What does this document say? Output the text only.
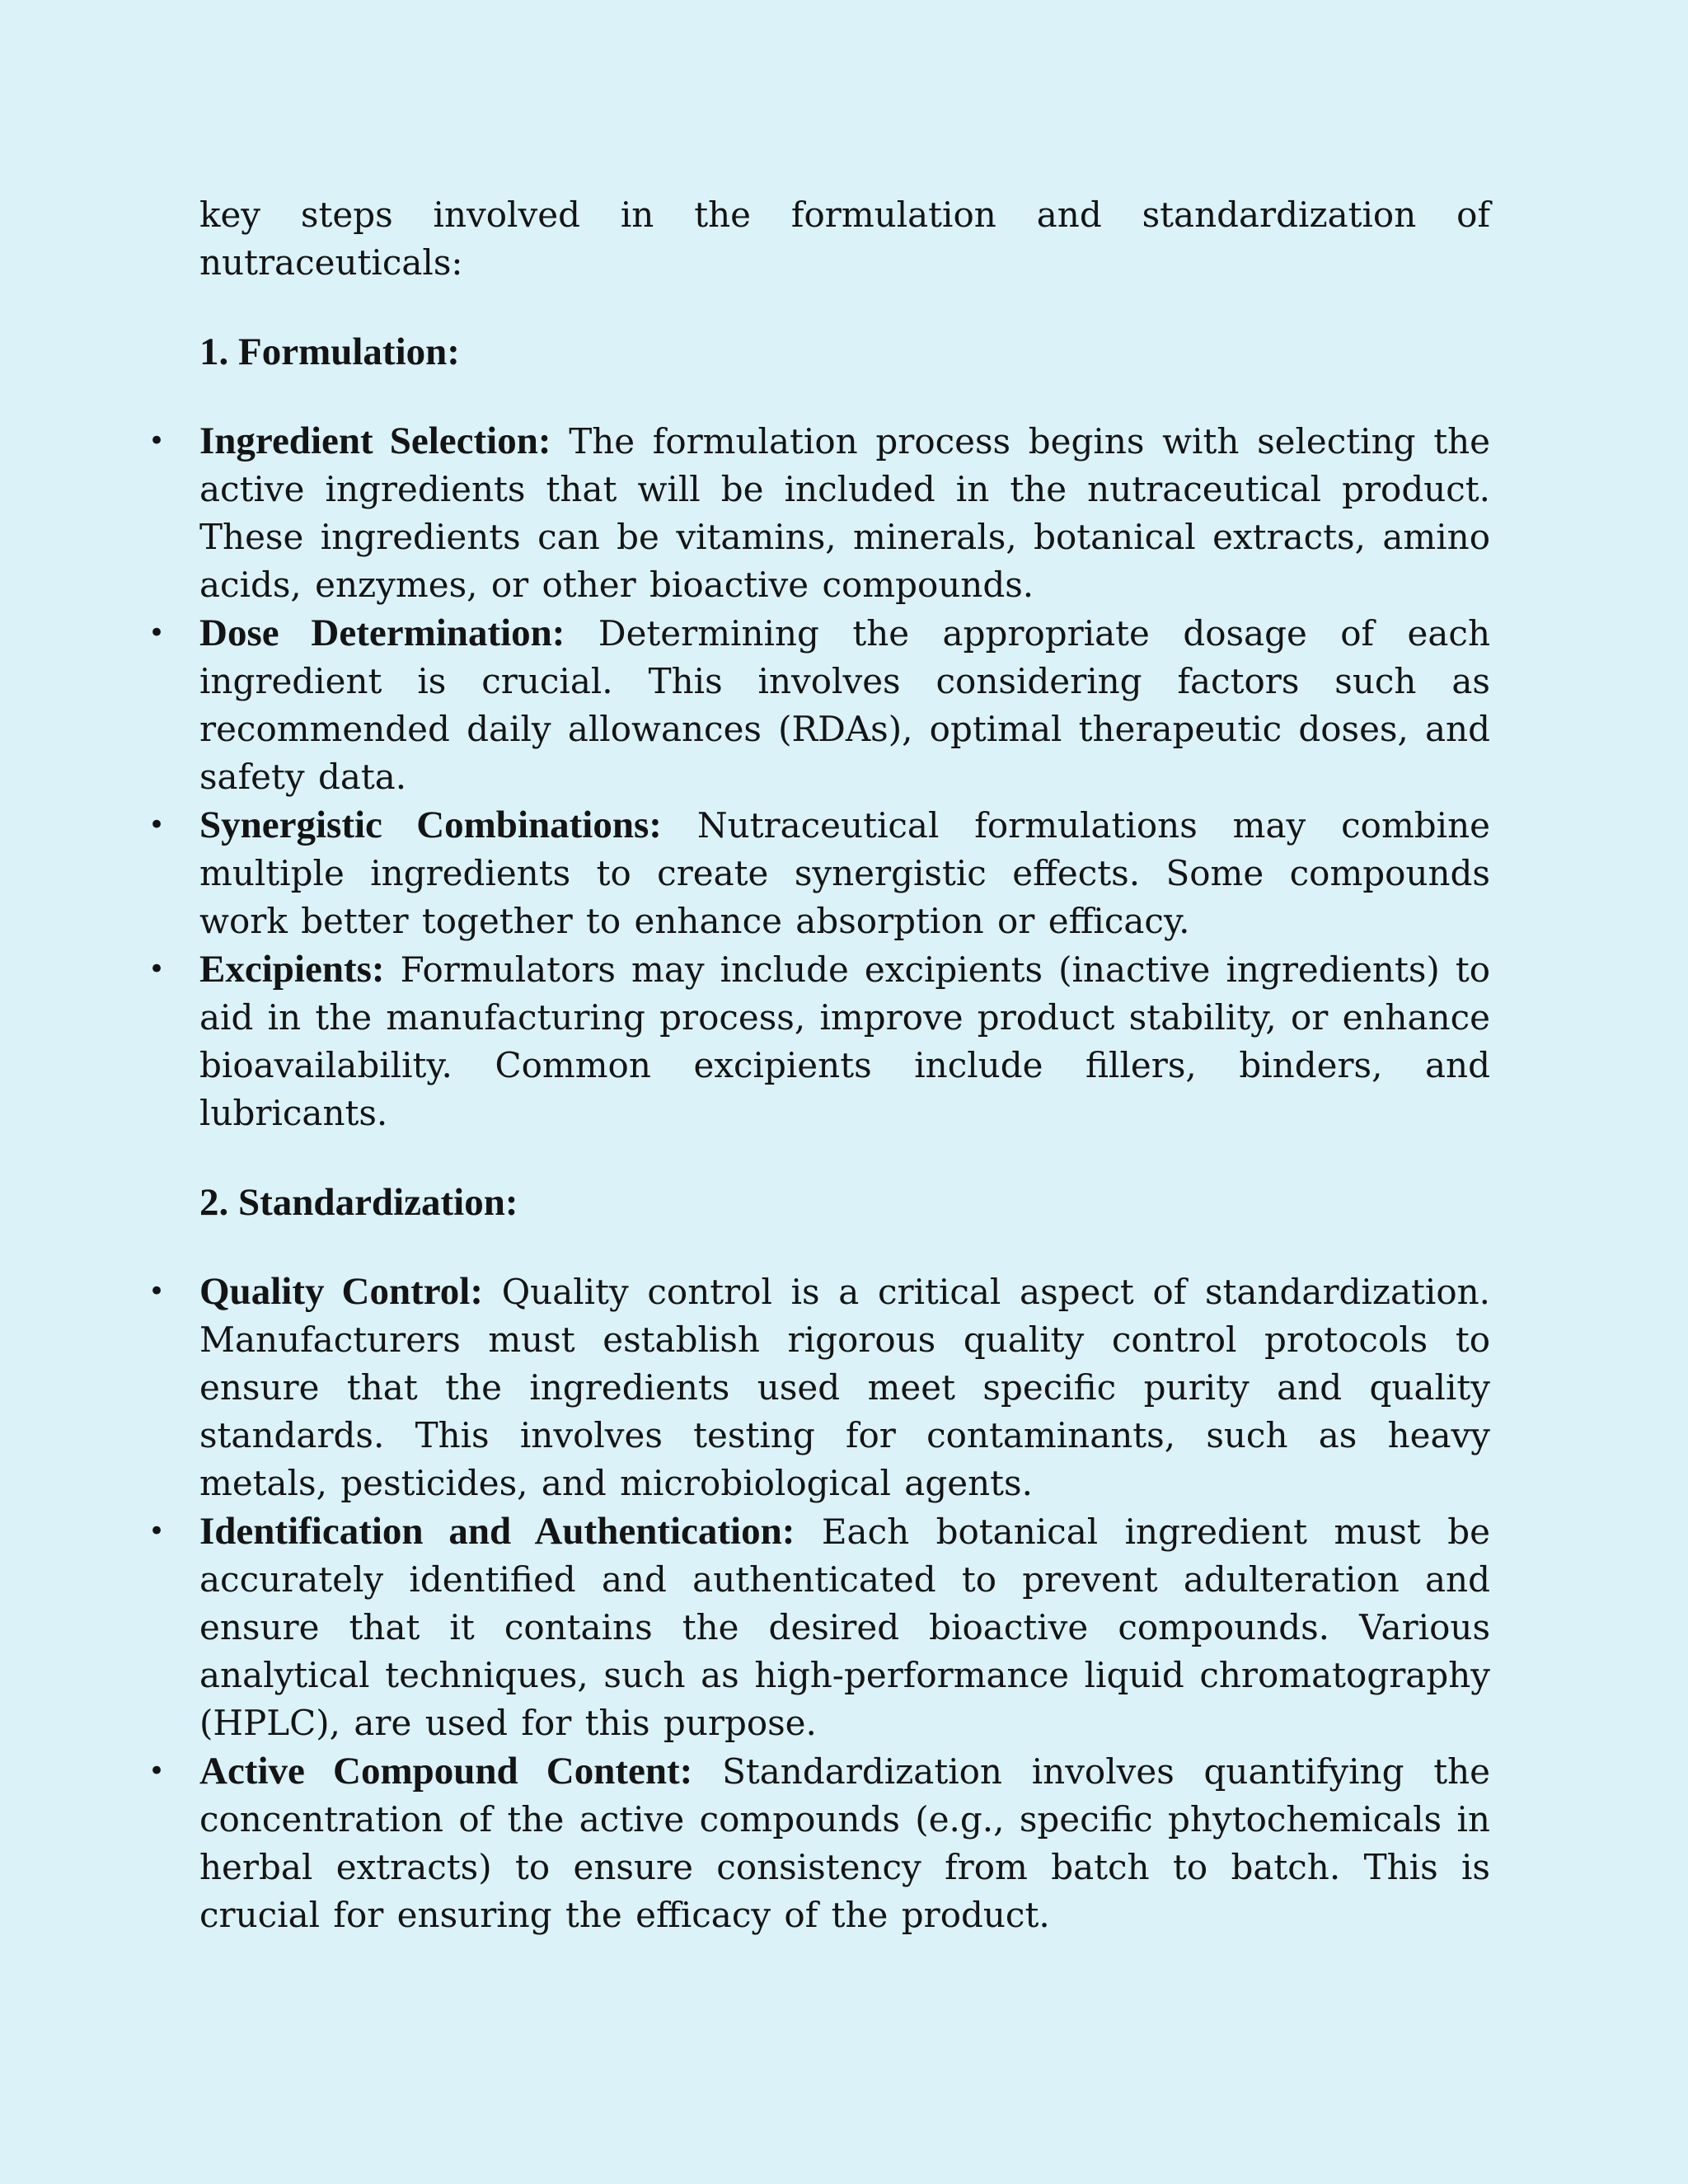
key steps involved in the formulation and standardization of nutraceuticals:

1. Formulation:

• Ingredient Selection: The formulation process begins with selecting the active ingredients that will be included in the nutraceutical product. These ingredients can be vitamins, minerals, botanical extracts, amino acids, enzymes, or other bioactive compounds.
• Dose Determination: Determining the appropriate dosage of each ingredient is crucial. This involves considering factors such as recommended daily allowances (RDAs), optimal therapeutic doses, and safety data.
• Synergistic Combinations: Nutraceutical formulations may combine multiple ingredients to create synergistic effects. Some compounds work better together to enhance absorption or efficacy.
• Excipients: Formulators may include excipients (inactive ingredients) to aid in the manufacturing process, improve product stability, or enhance bioavailability. Common excipients include fillers, binders, and lubricants.

2. Standardization:

• Quality Control: Quality control is a critical aspect of standardization. Manufacturers must establish rigorous quality control protocols to ensure that the ingredients used meet specific purity and quality standards. This involves testing for contaminants, such as heavy metals, pesticides, and microbiological agents.
• Identification and Authentication: Each botanical ingredient must be accurately identified and authenticated to prevent adulteration and ensure that it contains the desired bioactive compounds. Various analytical techniques, such as high-performance liquid chromatography (HPLC), are used for this purpose.
• Active Compound Content: Standardization involves quantifying the concentration of the active compounds (e.g., specific phytochemicals in herbal extracts) to ensure consistency from batch to batch. This is crucial for ensuring the efficacy of the product.
